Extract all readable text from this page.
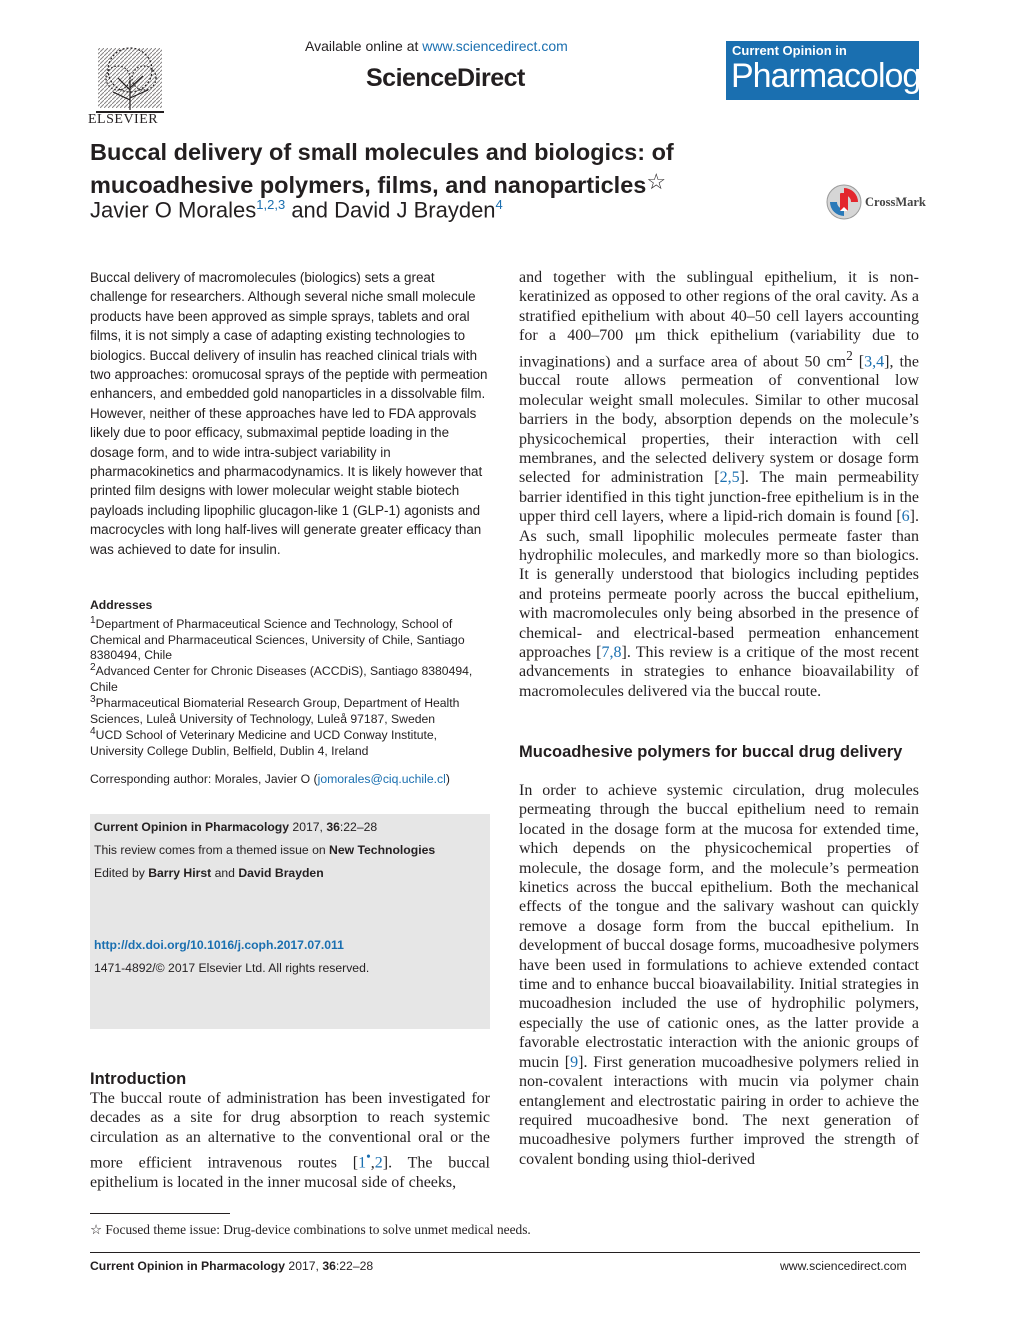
ELSEVIER
Available online at www.sciencedirect.com
ScienceDirect
Current Opinion in
Pharmacology
Buccal delivery of small molecules and biologics: of mucoadhesive polymers, films, and nanoparticles☆
Javier O Morales$^{1,2,3}$ and David J Brayden$^4$	CrossMark
Buccal delivery of macromolecules (biologics) sets a great challenge for researchers. Although several niche small molecule products have been approved as simple sprays, tablets and oral films, it is not simply a case of adapting existing technologies to biologics. Buccal delivery of insulin has reached clinical trials with two approaches: oromucosal sprays of the peptide with permeation enhancers, and embedded gold nanoparticles in a dissolvable film. However, neither of these approaches have led to FDA approvals likely due to poor efficacy, submaximal peptide loading in the dosage form, and to wide intra-subject variability in pharmacokinetics and pharmacodynamics. It is likely however that printed film designs with lower molecular weight stable biotech payloads including lipophilic glucagon-like 1 (GLP-1) agonists and macrocycles with long half-lives will generate greater efficacy than was achieved to date for insulin.
Addresses
$^1$Department of Pharmaceutical Science and Technology, School of Chemical and Pharmaceutical Sciences, University of Chile, Santiago 8380494, Chile
$^2$Advanced Center for Chronic Diseases (ACCDiS), Santiago 8380494, Chile
$^3$Pharmaceutical Biomaterial Research Group, Department of Health Sciences, Luleå University of Technology, Luleå 97187, Sweden
$^4$UCD School of Veterinary Medicine and UCD Conway Institute, University College Dublin, Belfield, Dublin 4, Ireland
Corresponding author: Morales, Javier O (jomorales@ciq.uchile.cl)
Current Opinion in Pharmacology 2017, 36:22–28
This review comes from a themed issue on New Technologies
Edited by Barry Hirst and David Brayden
http://dx.doi.org/10.1016/j.coph.2017.07.011
1471-4892/© 2017 Elsevier Ltd. All rights reserved.
Introduction
The buccal route of administration has been investigated for decades as a site for drug absorption to reach systemic circulation as an alternative to the conventional oral or the more efficient intravenous routes [1•,2]. The buccal epithelium is located in the inner mucosal side of cheeks,
and together with the sublingual epithelium, it is non-keratinized as opposed to other regions of the oral cavity. As a stratified epithelium with about 40–50 cell layers accounting for a 400–700 μm thick epithelium (variability due to invaginations) and a surface area of about 50 $cm^2$ [3,4], the buccal route allows permeation of conventional low molecular weight small molecules. Similar to other mucosal barriers in the body, absorption depends on the molecule’s physicochemical properties, their interaction with cell membranes, and the selected delivery system or dosage form selected for administration [2,5]. The main permeability barrier identified in this tight junction-free epithelium is in the upper third cell layers, where a lipid-rich domain is found [6]. As such, small lipophilic molecules permeate faster than hydrophilic molecules, and markedly more so than biologics. It is generally understood that biologics including peptides and proteins permeate poorly across the buccal epithelium, with macromolecules only being absorbed in the presence of chemical- and electrical-based permeation enhancement approaches [7,8]. This review is a critique of the most recent advancements in strategies to enhance bioavailability of macromolecules delivered via the buccal route.
Mucoadhesive polymers for buccal drug delivery
In order to achieve systemic circulation, drug molecules permeating through the buccal epithelium need to remain located in the dosage form at the mucosa for extended time, which depends on the physicochemical properties of molecule, the dosage form, and the molecule’s permeation kinetics across the buccal epithelium. Both the mechanical effects of the tongue and the salivary washout can quickly remove a dosage form from the buccal epithelium. In development of buccal dosage forms, mucoadhesive polymers have been used in formulations to achieve extended contact time and to enhance buccal bioavailability. Initial strategies in mucoadhesion included the use of hydrophilic polymers, especially the use of cationic ones, as the latter provide a favorable electrostatic interaction with the anionic groups of mucin [9]. First generation mucoadhesive polymers relied in non-covalent interactions with mucin via polymer chain entanglement and electrostatic pairing in order to achieve the required mucoadhesive bond. The next generation of mucoadhesive polymers further improved the strength of covalent bonding using thiol-derived
☆ Focused theme issue: Drug-device combinations to solve unmet medical needs.
Current Opinion in Pharmacology 2017, 36:22–28	www.sciencedirect.com
